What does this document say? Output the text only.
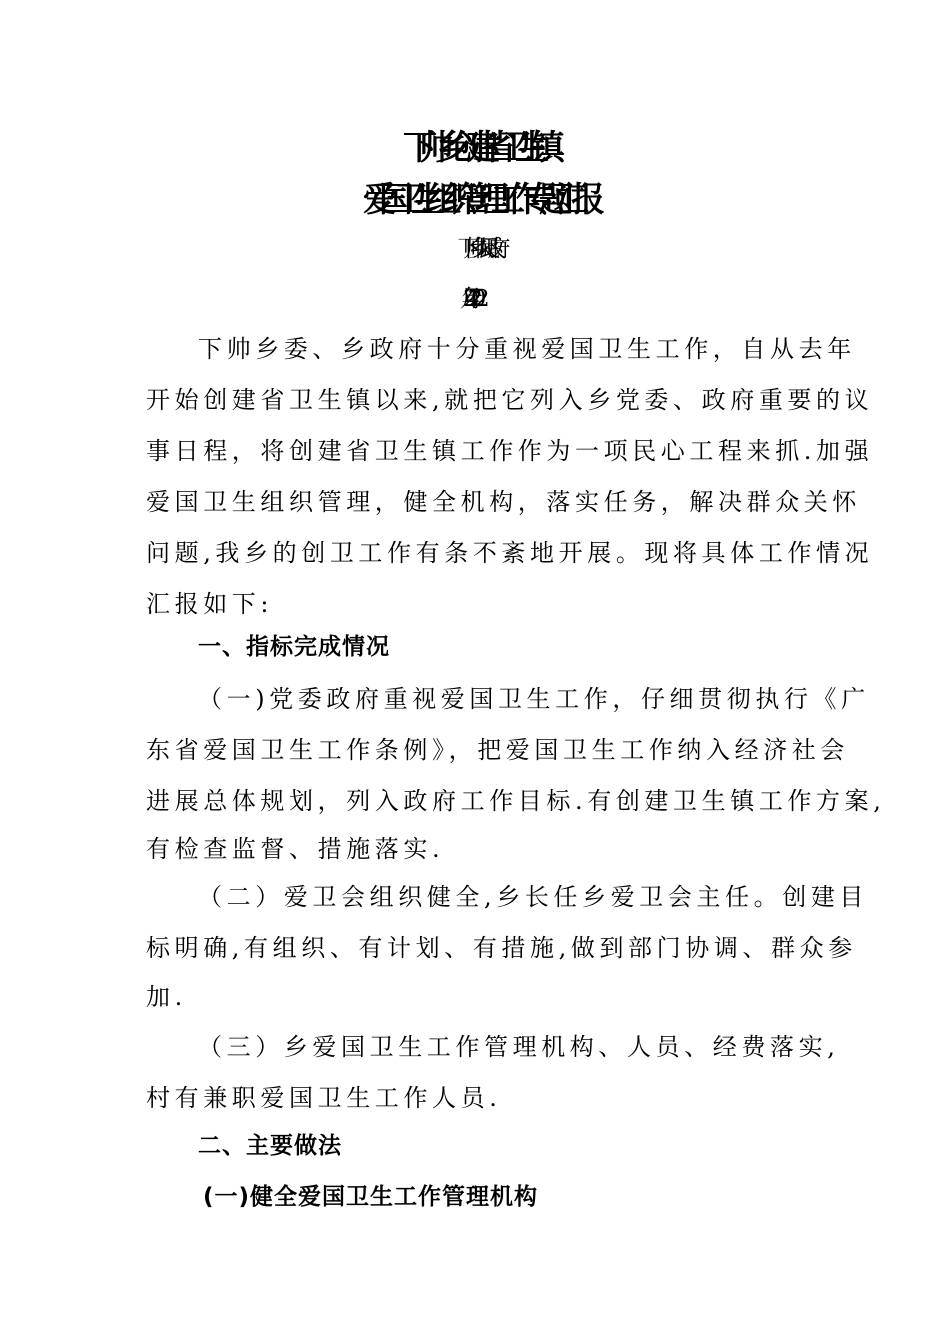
下帅乡创建省卫生镇
爱国卫生组织管理工作专题汇报
下帅乡人民政府
下帅乡委、乡政府十分重视爱国卫生工作，自从去年
开始创建省卫生镇以来,就把它列入乡党委、政府重要的议
事日程，将创建省卫生镇工作作为一项民心工程来抓.加强
爱国卫生组织管理，健全机构，落实任务，解决群众关怀
问题,我乡的创卫工作有条不紊地开展。现将具体工作情况
汇报如下:
一、指标完成情况
（一)党委政府重视爱国卫生工作，仔细贯彻执行《广
东省爱国卫生工作条例》，把爱国卫生工作纳入经济社会
进展总体规划，列入政府工作目标.有创建卫生镇工作方案,
有检查监督、措施落实.
（二）爱卫会组织健全,乡长任乡爱卫会主任。创建目
标明确,有组织、有计划、有措施,做到部门协调、群众参
加.
（三）乡爱国卫生工作管理机构、人员、经费落实,
村有兼职爱国卫生工作人员.
二、主要做法
(一)健全爱国卫生工作管理机构
